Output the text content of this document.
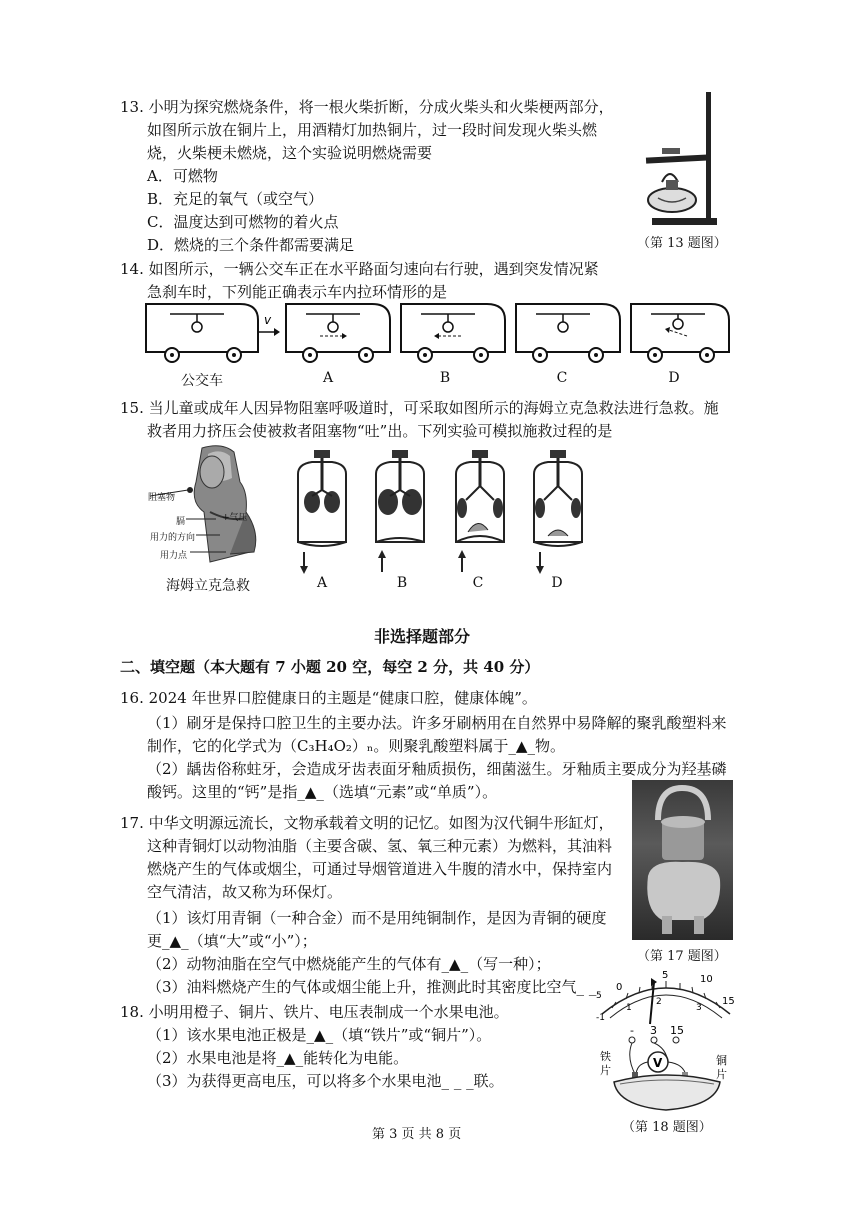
13. 小明为探究燃烧条件，将一根火柴折断，分成火柴头和火柴梗两部分，
如图所示放在铜片上，用酒精灯加热铜片，过一段时间发现火柴头燃
烧，火柴梗未燃烧，这个实验说明燃烧需要
A．可燃物
B．充足的氧气（或空气）
C．温度达到可燃物的着火点
D．燃烧的三个条件都需要满足	（第 13 题图）
14. 如图所示，一辆公交车正在水平路面匀速向右行驶，遇到突发情况紧
急刹车时，下列能正确表示车内拉环情形的是
v
公交车	A	B	C	D
15. 当儿童或成年人因异物阻塞呼吸道时，可采取如图所示的海姆立克急救法进行急救。施
救者用力挤压会使被救者阻塞物“吐”出。下列实验可模拟施救过程的是
阻塞物
+气压
膈
用力的方向
用力点
海姆立克急救	A	B	C	D
非选择题部分
二、填空题（本大题有 7 小题 20 空，每空 2 分，共 40 分）
16. 2024 年世界口腔健康日的主题是“健康口腔，健康体魄”。
（1）刷牙是保持口腔卫生的主要办法。许多牙刷柄用在自然界中易降解的聚乳酸塑料来
制作，它的化学式为（C₃H₄O₂）ₙ。则聚乳酸塑料属于_▲_物。
（2）龋齿俗称蛀牙，会造成牙齿表面牙釉质损伤，细菌滋生。牙釉质主要成分为羟基磷
酸钙。这里的“钙”是指_▲_（选填“元素”或“单质”）。
17. 中华文明源远流长，文物承载着文明的记忆。如图为汉代铜牛形缸灯，
这种青铜灯以动物油脂（主要含碳、氢、氧三种元素）为燃料，其油料
燃烧产生的气体或烟尘，可通过导烟管道进入牛腹的清水中，保持室内
空气清洁，故又称为环保灯。
（1）该灯用青铜（一种合金）而不是用纯铜制作，是因为青铜的硬度
更_▲_（填“大”或“小”）；
（2）动物油脂在空气中燃烧能产生的气体有_▲_（写一种）；
（3）油料燃烧产生的气体或烟尘能上升，推测此时其密度比空气_ _
（第 17 题图）
18. 小明用橙子、铜片、铁片、电压表制成一个水果电池。
（1）该水果电池正极是_▲_（填“铁片”或“铜片”）。
（2）水果电池是将_▲_能转化为电能。
（3）为获得更高电压，可以将多个水果电池_ _ _联。
0
5	10
15
1
2
3
5
-1
- 3 15
V
铁
片
铜
片
（第 18 题图）
第 3 页 共 8 页
